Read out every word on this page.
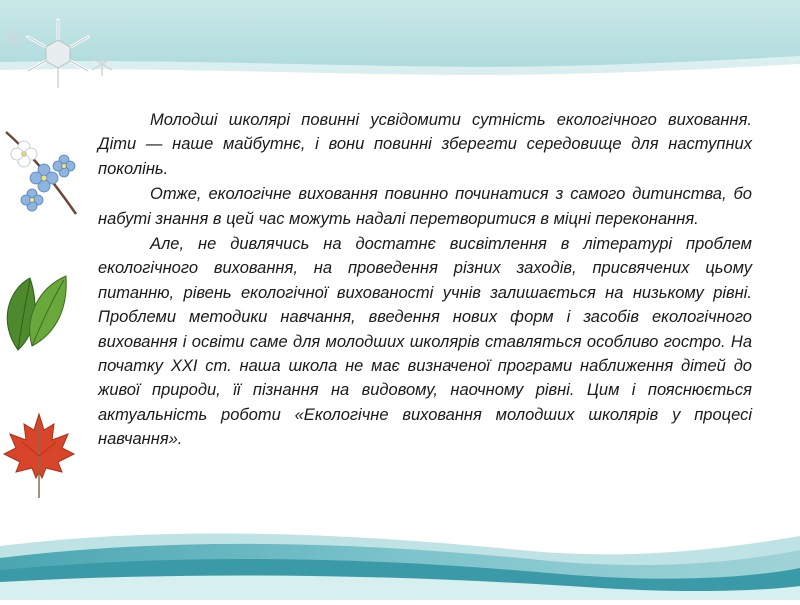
Молодші школярі повинні усвідомити сутність екологічного виховання. Діти — наше майбутнє, і вони повинні зберегти середовище для наступних поколінь.

Отже, екологічне виховання повинно починатися з самого дитинства, бо набуті знання в цей час можуть надалі перетворитися в міцні переконання.

Але, не дивлячись на достатнє висвітлення в літературі проблем екологічного виховання, на проведення різних заходів, присвячених цьому питанню, рівень екологічної вихованості учнів залишається на низькому рівні. Проблеми методики навчання, введення нових форм і засобів екологічного виховання і освіти саме для молодших школярів ставляться особливо гостро. На початку XXI ст. наша школа не має визначеної програми наближення дітей до живої природи, її пізнання на видовому, наочному рівні. Цим і пояснюється актуальність роботи «Екологічне виховання молодших школярів у процесі навчання».
